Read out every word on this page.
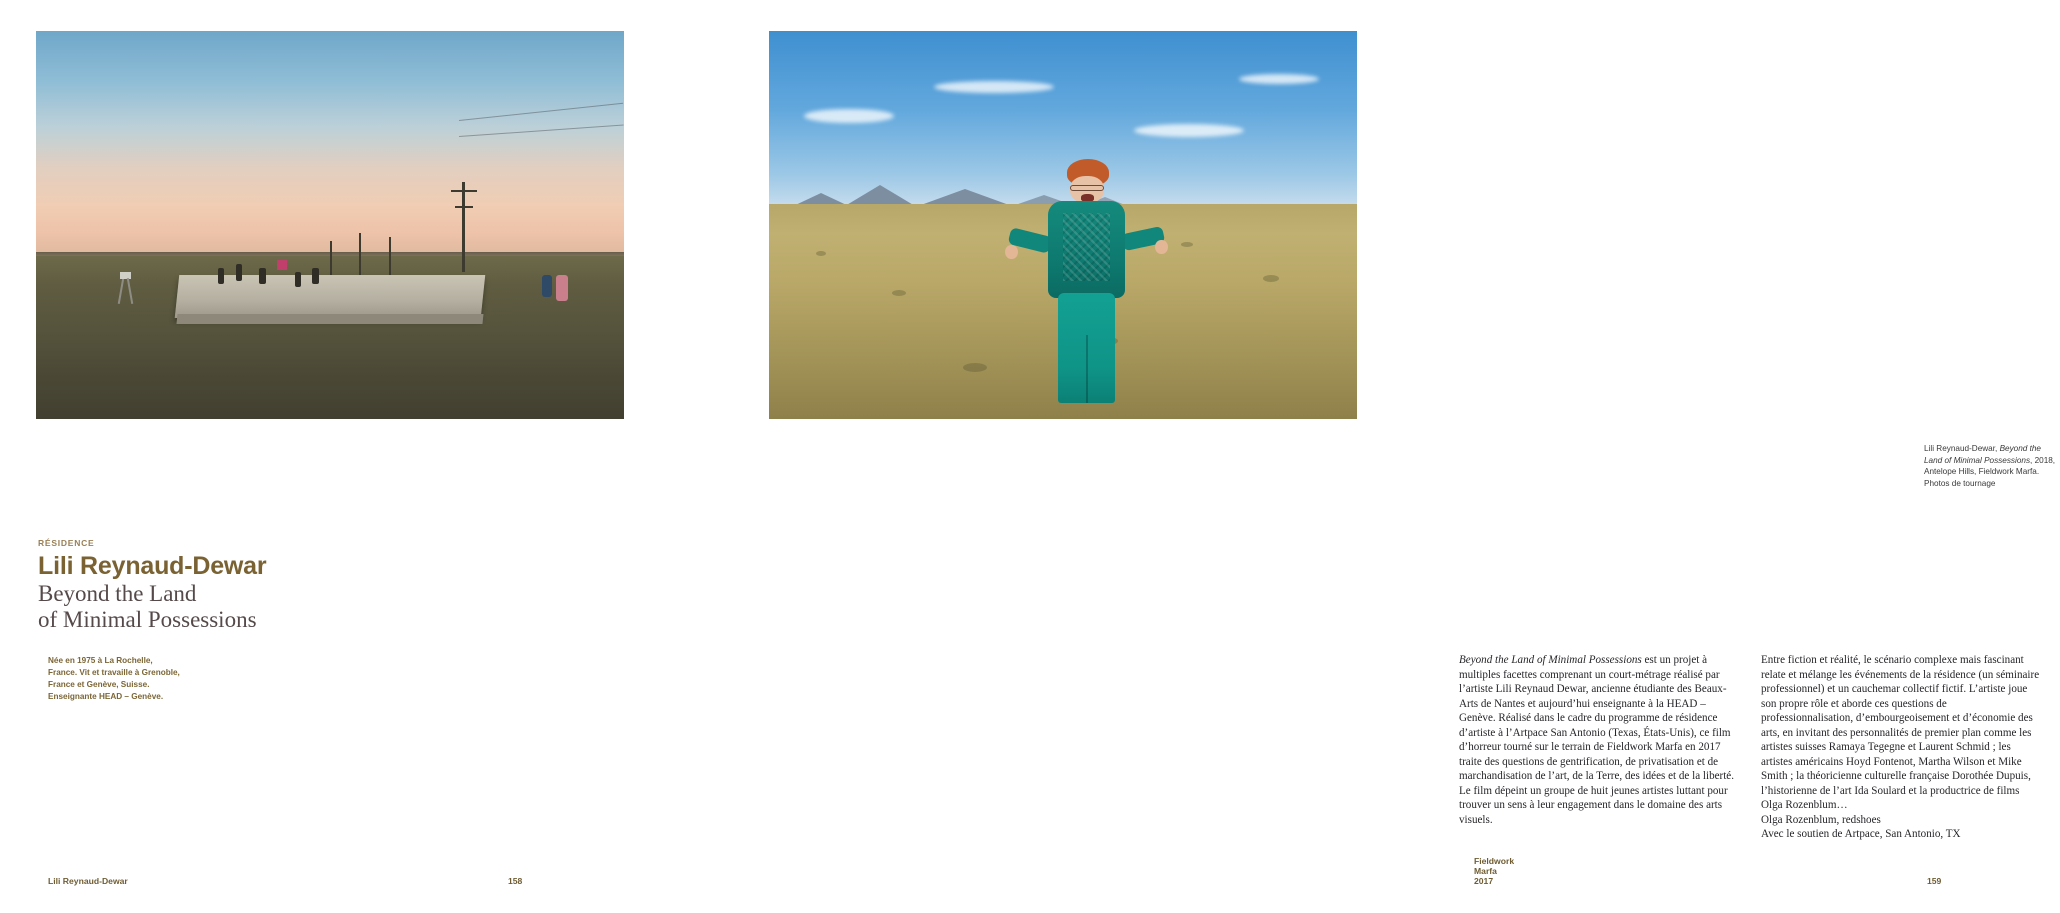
RÉSIDENCE
Lili Reynaud-Dewar
Beyond the Land
of Minimal Possessions
Née en 1975 à La Rochelle, France. Vit et travaille à Grenoble, France et Genève, Suisse. Enseignante HEAD – Genève.
Lili Reynaud-Dewar	158
Lili Reynaud-Dewar, Beyond the Land of Minimal Possessions, 2018, Antelope Hills, Fieldwork Marfa. Photos de tournage
Beyond the Land of Minimal Possessions est un projet à multiples facettes comprenant un court-métrage réalisé par l’artiste Lili Reynaud Dewar, ancienne étudiante des Beaux-Arts de Nantes et aujourd’hui enseignante à la HEAD – Genève. Réalisé dans le cadre du programme de résidence d’artiste à l’Artpace San Antonio (Texas, États-Unis), ce film d’horreur tourné sur le terrain de Fieldwork Marfa en 2017 traite des questions de gentrification, de privatisation et de marchandisation de l’art, de la Terre, des idées et de la liberté. Le film dépeint un groupe de huit jeunes artistes luttant pour trouver un sens à leur engagement dans le domaine des arts visuels.
Entre fiction et réalité, le scénario complexe mais fascinant relate et mélange les événements de la résidence (un séminaire professionnel) et un cauchemar collectif fictif. L’artiste joue son propre rôle et aborde ces questions de professionnalisation, d’embourgeoisement et d’économie des arts, en invitant des personnalités de premier plan comme les artistes suisses Ramaya Tegegne et Laurent Schmid ; les artistes américains Hoyd Fontenot, Martha Wilson et Mike Smith ; la théoricienne culturelle française Dorothée Dupuis, l’historienne de l’art Ida Soulard et la productrice de films Olga Rozenblum…
Olga Rozenblum, redshoes
Avec le soutien de Artpace, San Antonio, TX
Fieldwork Marfa 2017	159
